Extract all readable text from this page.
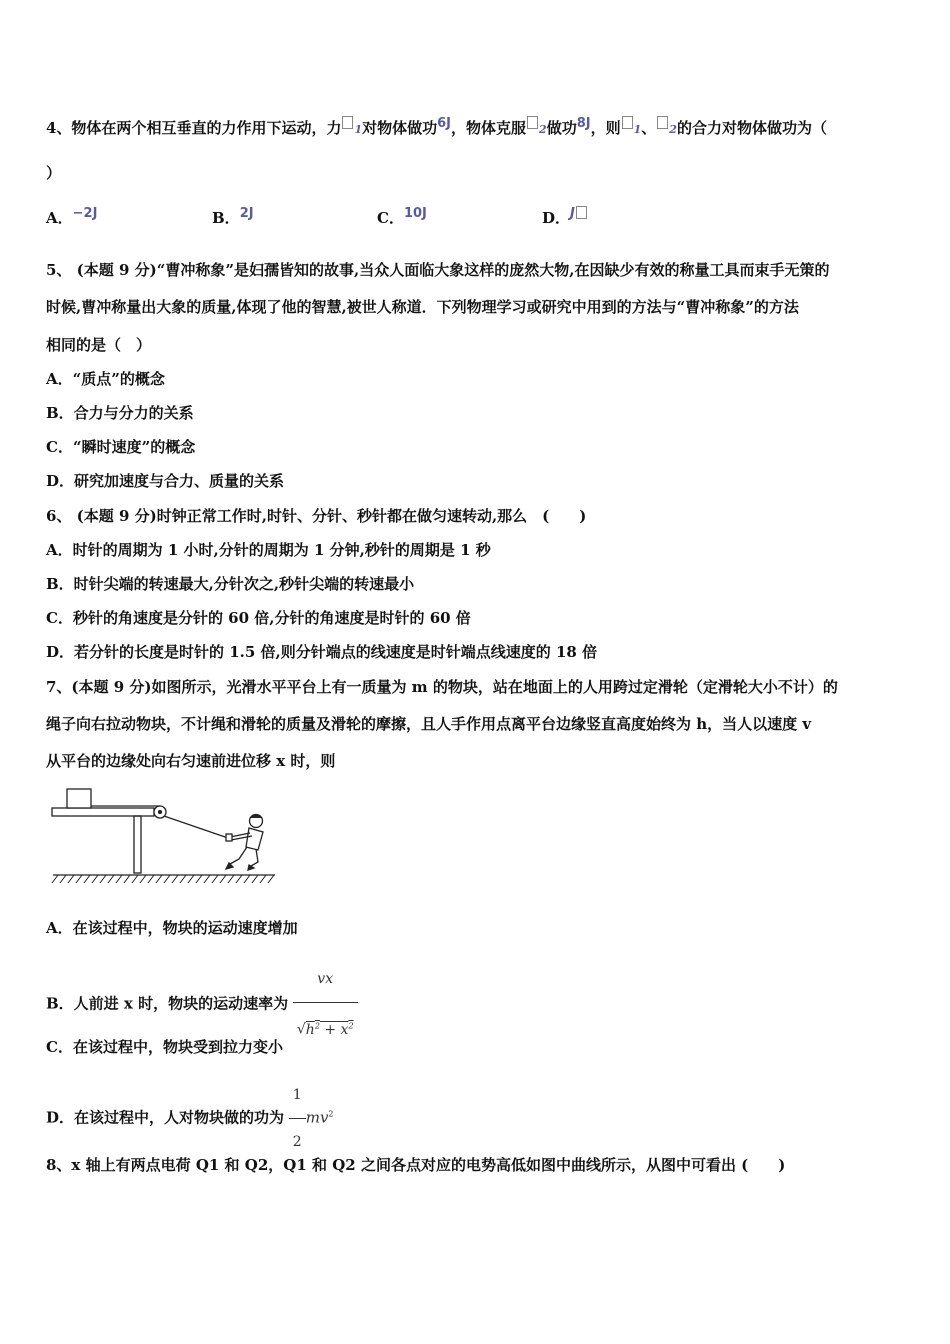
4、物体在两个相互垂直的力作用下运动，力 1对物体做功6J，物体克服 2做功8J，则 1、 2的合力对物体做功为（
）
A．−2J	B．2J	C．10J	D．J
5、 (本题 9 分)“曹冲称象”是妇孺皆知的故事,当众人面临大象这样的庞然大物,在因缺少有效的称量工具而束手无策的
时候,曹冲称量出大象的质量,体现了他的智慧,被世人称道．下列物理学习或研究中用到的方法与“曹冲称象”的方法
相同的是（　）
A．“质点”的概念
B．合力与分力的关系
C．“瞬时速度”的概念
D．研究加速度与合力、质量的关系
6、 (本题 9 分)时钟正常工作时,时针、分针、秒针都在做匀速转动,那么　(　　)
A．时针的周期为 1 小时,分针的周期为 1 分钟,秒针的周期是 1 秒
B．时针尖端的转速最大,分针次之,秒针尖端的转速最小
C．秒针的角速度是分针的 60 倍,分针的角速度是时针的 60 倍
D．若分针的长度是时针的 1.5 倍,则分针端点的线速度是时针端点线速度的 18 倍
7、(本题 9 分)如图所示，光滑水平平台上有一质量为 m 的物块，站在地面上的人用跨过定滑轮（定滑轮大小不计）的
绳子向右拉动物块，不计绳和滑轮的质量及滑轮的摩擦，且人手作用点离平台边缘竖直高度始终为 h，当人以速度 v
从平台的边缘处向右匀速前进位移 x 时，则
A．在该过程中，物块的运动速度增加
B．人前进 x 时，物块的运动速率为 $\frac{vx}{√h^2 + x^2}$
C．在该过程中，物块受到拉力变小
D．在该过程中，人对物块做的功为 $\frac{1}{2} mv^2$
8、x 轴上有两点电荷 Q1 和 Q2，Q1 和 Q2 之间各点对应的电势高低如图中曲线所示，从图中可看出 (　　)
